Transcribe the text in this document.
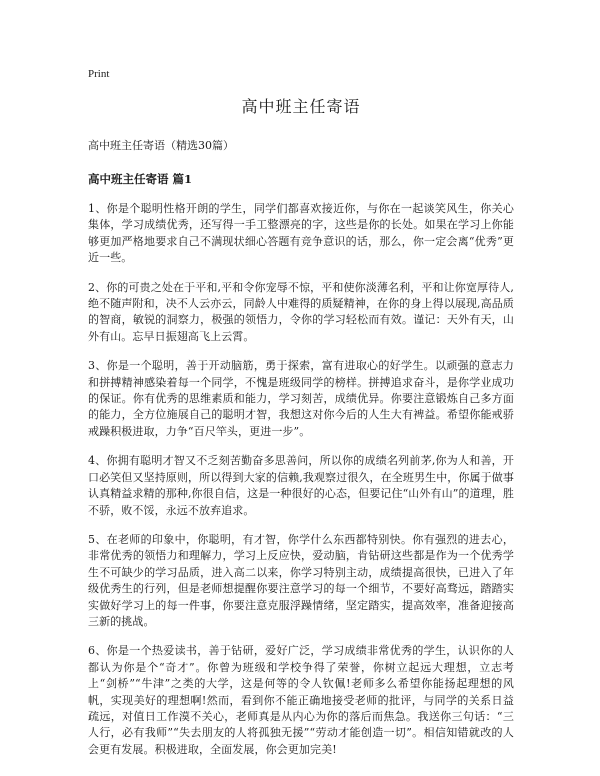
Print
高中班主任寄语

高中班主任寄语（精选30篇）

高中班主任寄语 篇1

1、你是个聪明性格开朗的学生，同学们都喜欢接近你，与你在一起谈笑风生，你关心集体，学习成绩优秀，还写得一手工整漂亮的字，这些是你的长处。如果在学习上你能够更加严格地要求自己不满现状细心答题有竞争意识的话，那么，你一定会离“优秀”更近一些。

2、你的可贵之处在于平和,平和令你宠辱不惊，平和使你淡薄名利，平和让你宽厚待人,绝不随声附和，决不人云亦云，同龄人中难得的质疑精神，在你的身上得以展现,高品质的智商，敏锐的洞察力，极强的领悟力，令你的学习轻松而有效。谨记：天外有天，山外有山。忘早日振翅高飞上云霄。

3、你是一个聪明，善于开动脑筋，勇于探索，富有进取心的好学生。以顽强的意志力和拼搏精神感染着每一个同学，不愧是班级同学的榜样。拼搏追求奋斗，是你学业成功的保证。你有优秀的思维素质和能力，学习刻苦，成绩优异。你要注意锻炼自己多方面的能力，全方位施展自己的聪明才智，我想这对你今后的人生大有裨益。希望你能戒骄戒躁积极进取，力争“百尺竿头，更进一步”。

4、你拥有聪明才智又不乏刻苦勤奋多思善问，所以你的成绩名列前茅,你为人和善，开口必笑但又坚持原则，所以得到大家的信赖,我观察过很久，在全班男生中，你属于做事认真精益求精的那种,你很自信，这是一种很好的心态，但要记住“山外有山”的道理，胜不骄，败不馁，永远不放弃追求。

5、在老师的印象中，你聪明，有才智，你学什么东西都特别快。你有强烈的进去心，非常优秀的领悟力和理解力，学习上反应快，爱动脑，肯钻研这些都是作为一个优秀学生不可缺少的学习品质，进入高二以来，你学习特别主动，成绩提高很快，已进入了年级优秀生的行列，但是老师想提醒你要注意学习的每一个细节，不要好高骛远，踏踏实实做好学习上的每一件事，你要注意克服浮躁情绪，坚定踏实，提高效率，准备迎接高三新的挑战。

6、你是一个热爱读书，善于钻研，爱好广泛，学习成绩非常优秀的学生，认识你的人都认为你是个“奇才”。你曾为班级和学校争得了荣誉，你树立起远大理想，立志考上“剑桥”“牛津”之类的大学，这是何等的令人钦佩!老师多么希望你能扬起理想的风帆，实现美好的理想啊!然而，看到你不能正确地接受老师的批评，与同学的关系日益疏远，对值日工作漠不关心，老师真是从内心为你的落后而焦急。我送你三句话：“三人行，必有我师”“失去朋友的人将孤独无援”“劳动才能创造一切”。相信知错就改的人会更有发展。积极进取，全面发展，你会更加完美!
